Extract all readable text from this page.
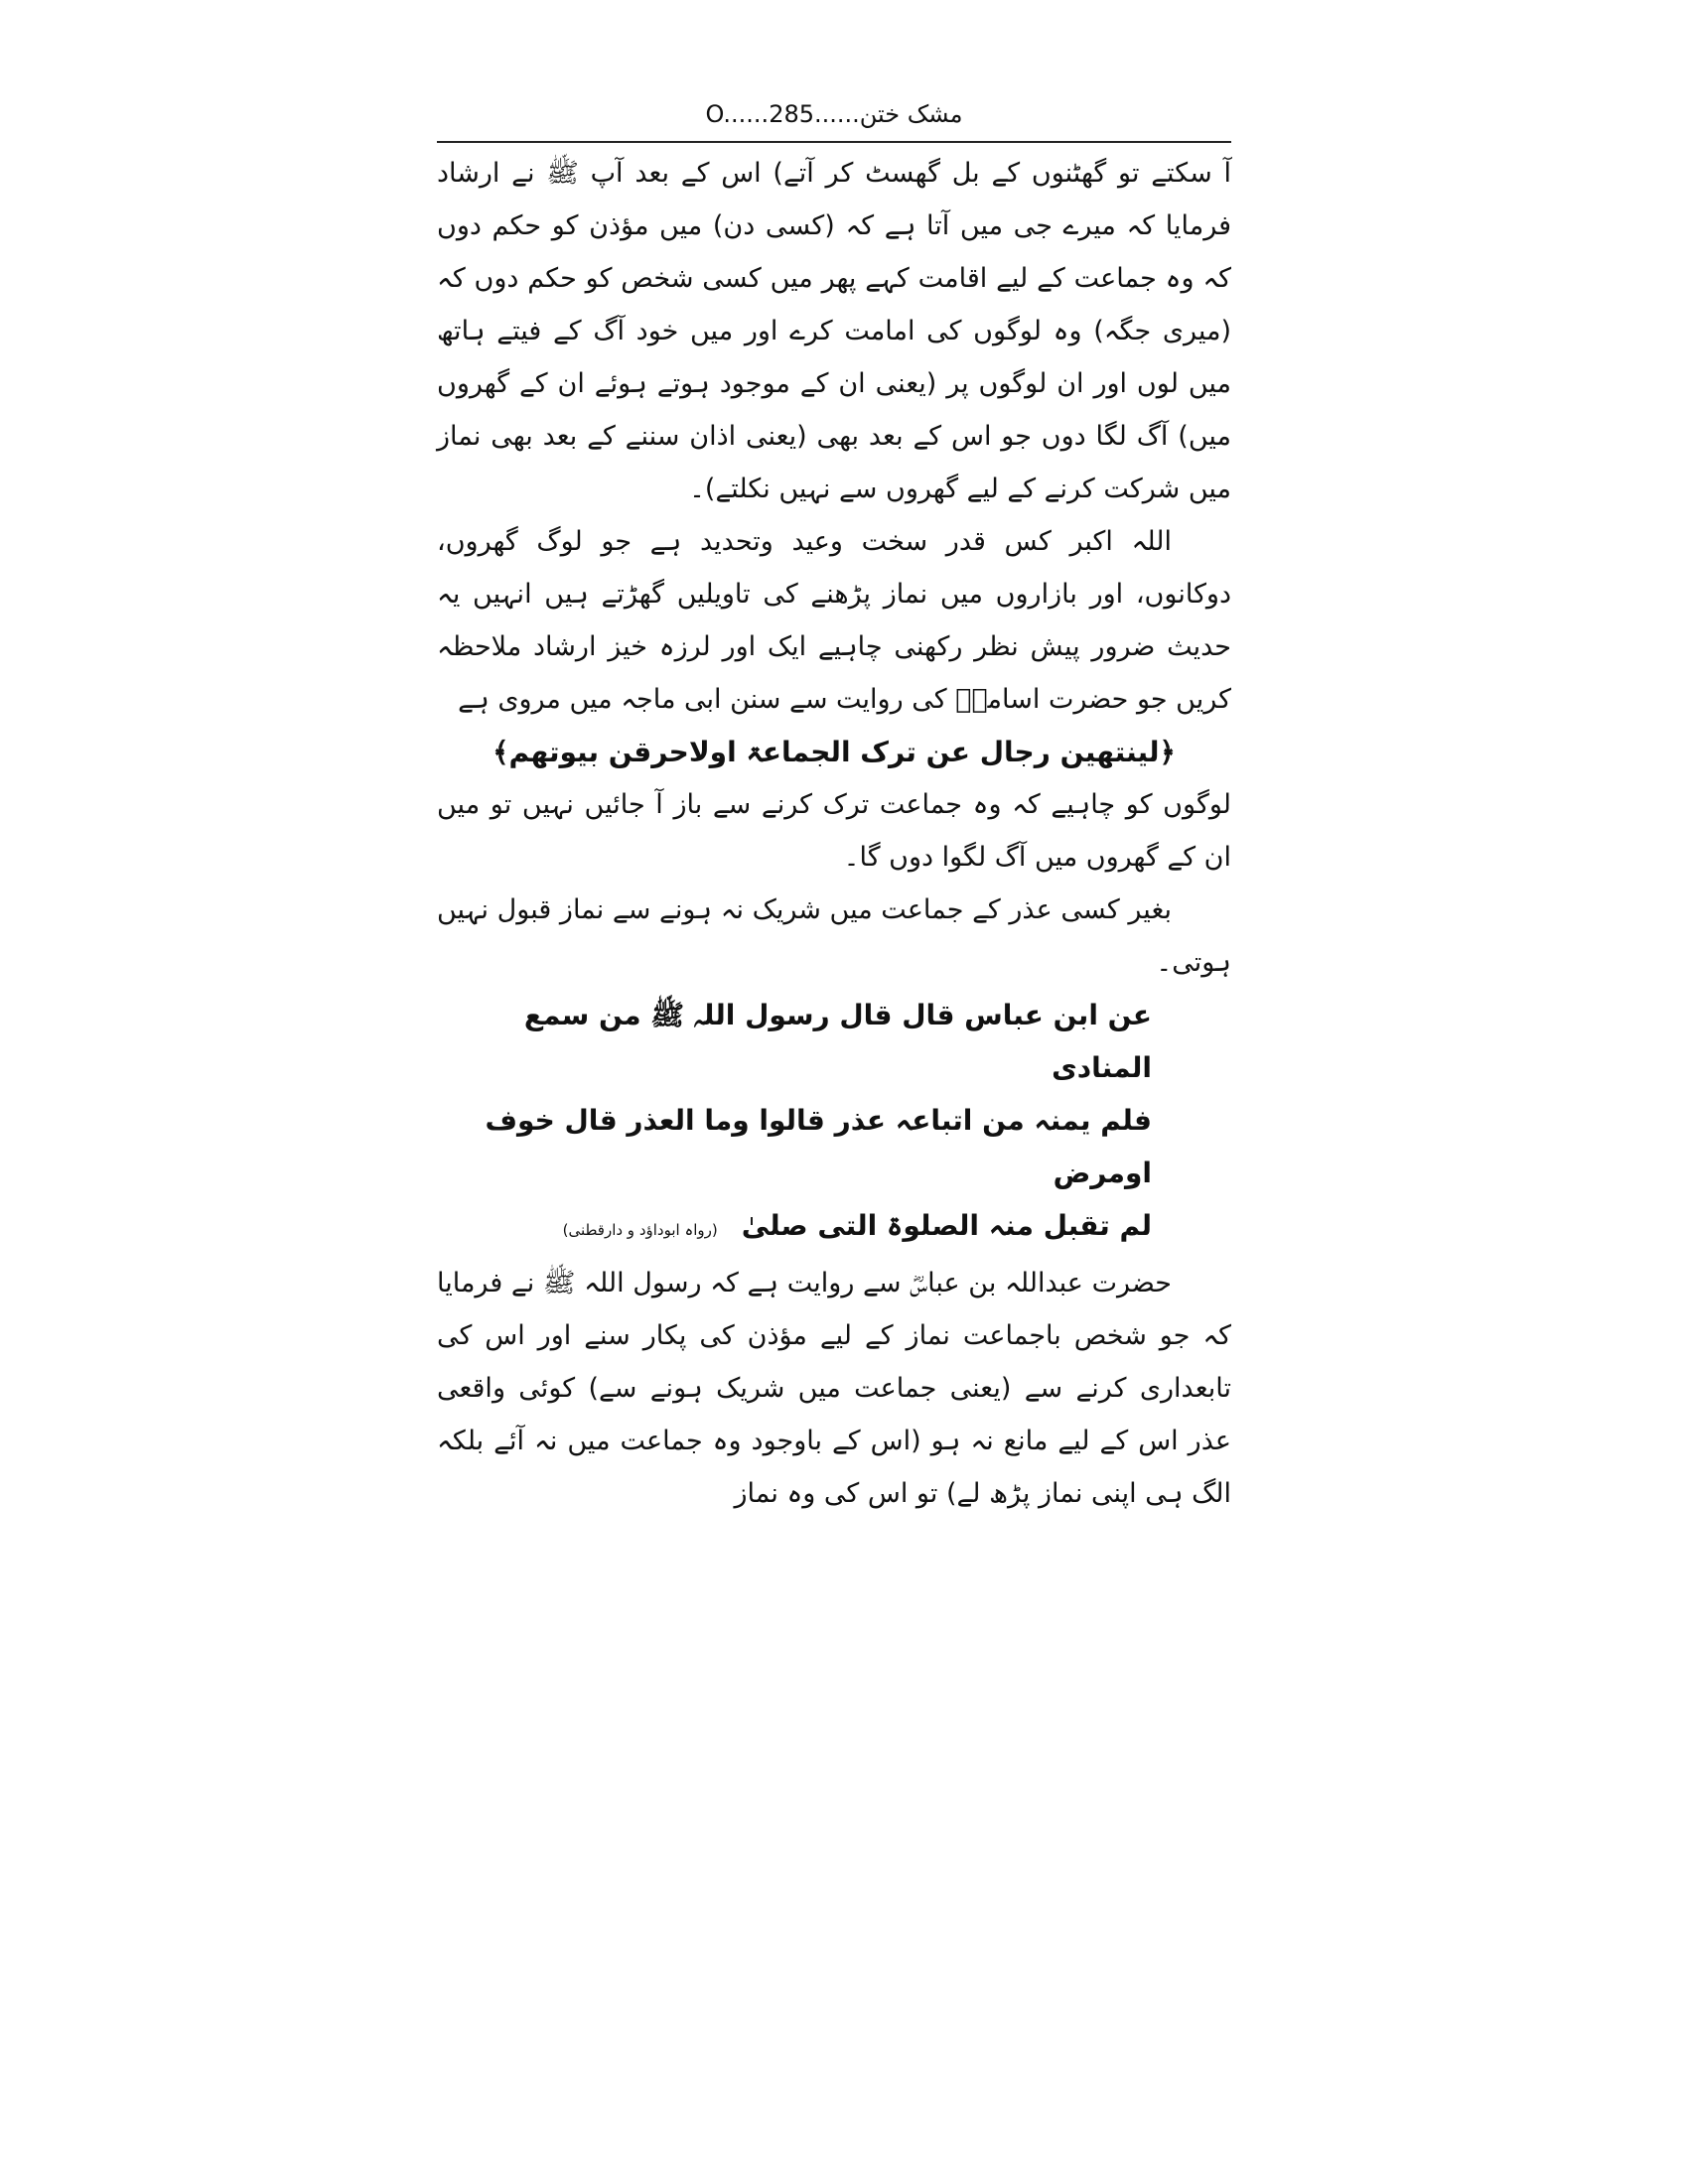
مشک ختن......O......285

آ سکتے تو گھٹنوں کے بل گھسٹ کر آتے) اس کے بعد آپ ﷺ نے ارشاد فرمایا کہ میرے جی میں آتا ہے کہ (کسی دن) میں مؤذن کو حکم دوں کہ وہ جماعت کے لیے اقامت کہے پھر میں کسی شخص کو حکم دوں کہ (میری جگہ) وہ لوگوں کی امامت کرے اور میں خود آگ کے فیتے ہاتھ میں لوں اور ان لوگوں پر (یعنی ان کے موجود ہوتے ہوئے ان کے گھروں میں) آگ لگا دوں جو اس کے بعد بھی (یعنی اذان سننے کے بعد بھی نماز میں شرکت کرنے کے لیے گھروں سے نہیں نکلتے)۔

اللہ اکبر کس قدر سخت وعید وتحدید ہے جو لوگ گھروں، دوکانوں، اور بازاروں میں نماز پڑھنے کی تاویلیں گھڑتے ہیں انہیں یہ حدیث ضرور پیش نظر رکھنی چاہیے ایک اور لرزہ خیز ارشاد ملاحظہ کریں جو حضرت اسامہؓ کی روایت سے سنن ابی ماجہ میں مروی ہے

﴿لینتھین رجال عن ترک الجماعۃ اولاحرقن بیوتھم﴾

لوگوں کو چاہیے کہ وہ جماعت ترک کرنے سے باز آ جائیں نہیں تو میں ان کے گھروں میں آگ لگوا دوں گا۔

بغیر کسی عذر کے جماعت میں شریک نہ ہونے سے نماز قبول نہیں ہوتی۔

عن ابن عباس قال قال رسول اللہ ﷺ من سمع المنادی

فلم یمنہ من اتباعہ عذر قالوا وما العذر قال خوف اومرض

لم تقبل منہ الصلوۃ التی صلیٰ(رواہ ابوداؤد و دارقطنی)

حضرت عبداللہ بن عباسؓ سے روایت ہے کہ رسول اللہ ﷺ نے فرمایا کہ جو شخص باجماعت نماز کے لیے مؤذن کی پکار سنے اور اس کی تابعداری کرنے سے (یعنی جماعت میں شریک ہونے سے) کوئی واقعی عذر اس کے لیے مانع نہ ہو (اس کے باوجود وہ جماعت میں نہ آئے بلکہ الگ ہی اپنی نماز پڑھ لے) تو اس کی وہ نماز
